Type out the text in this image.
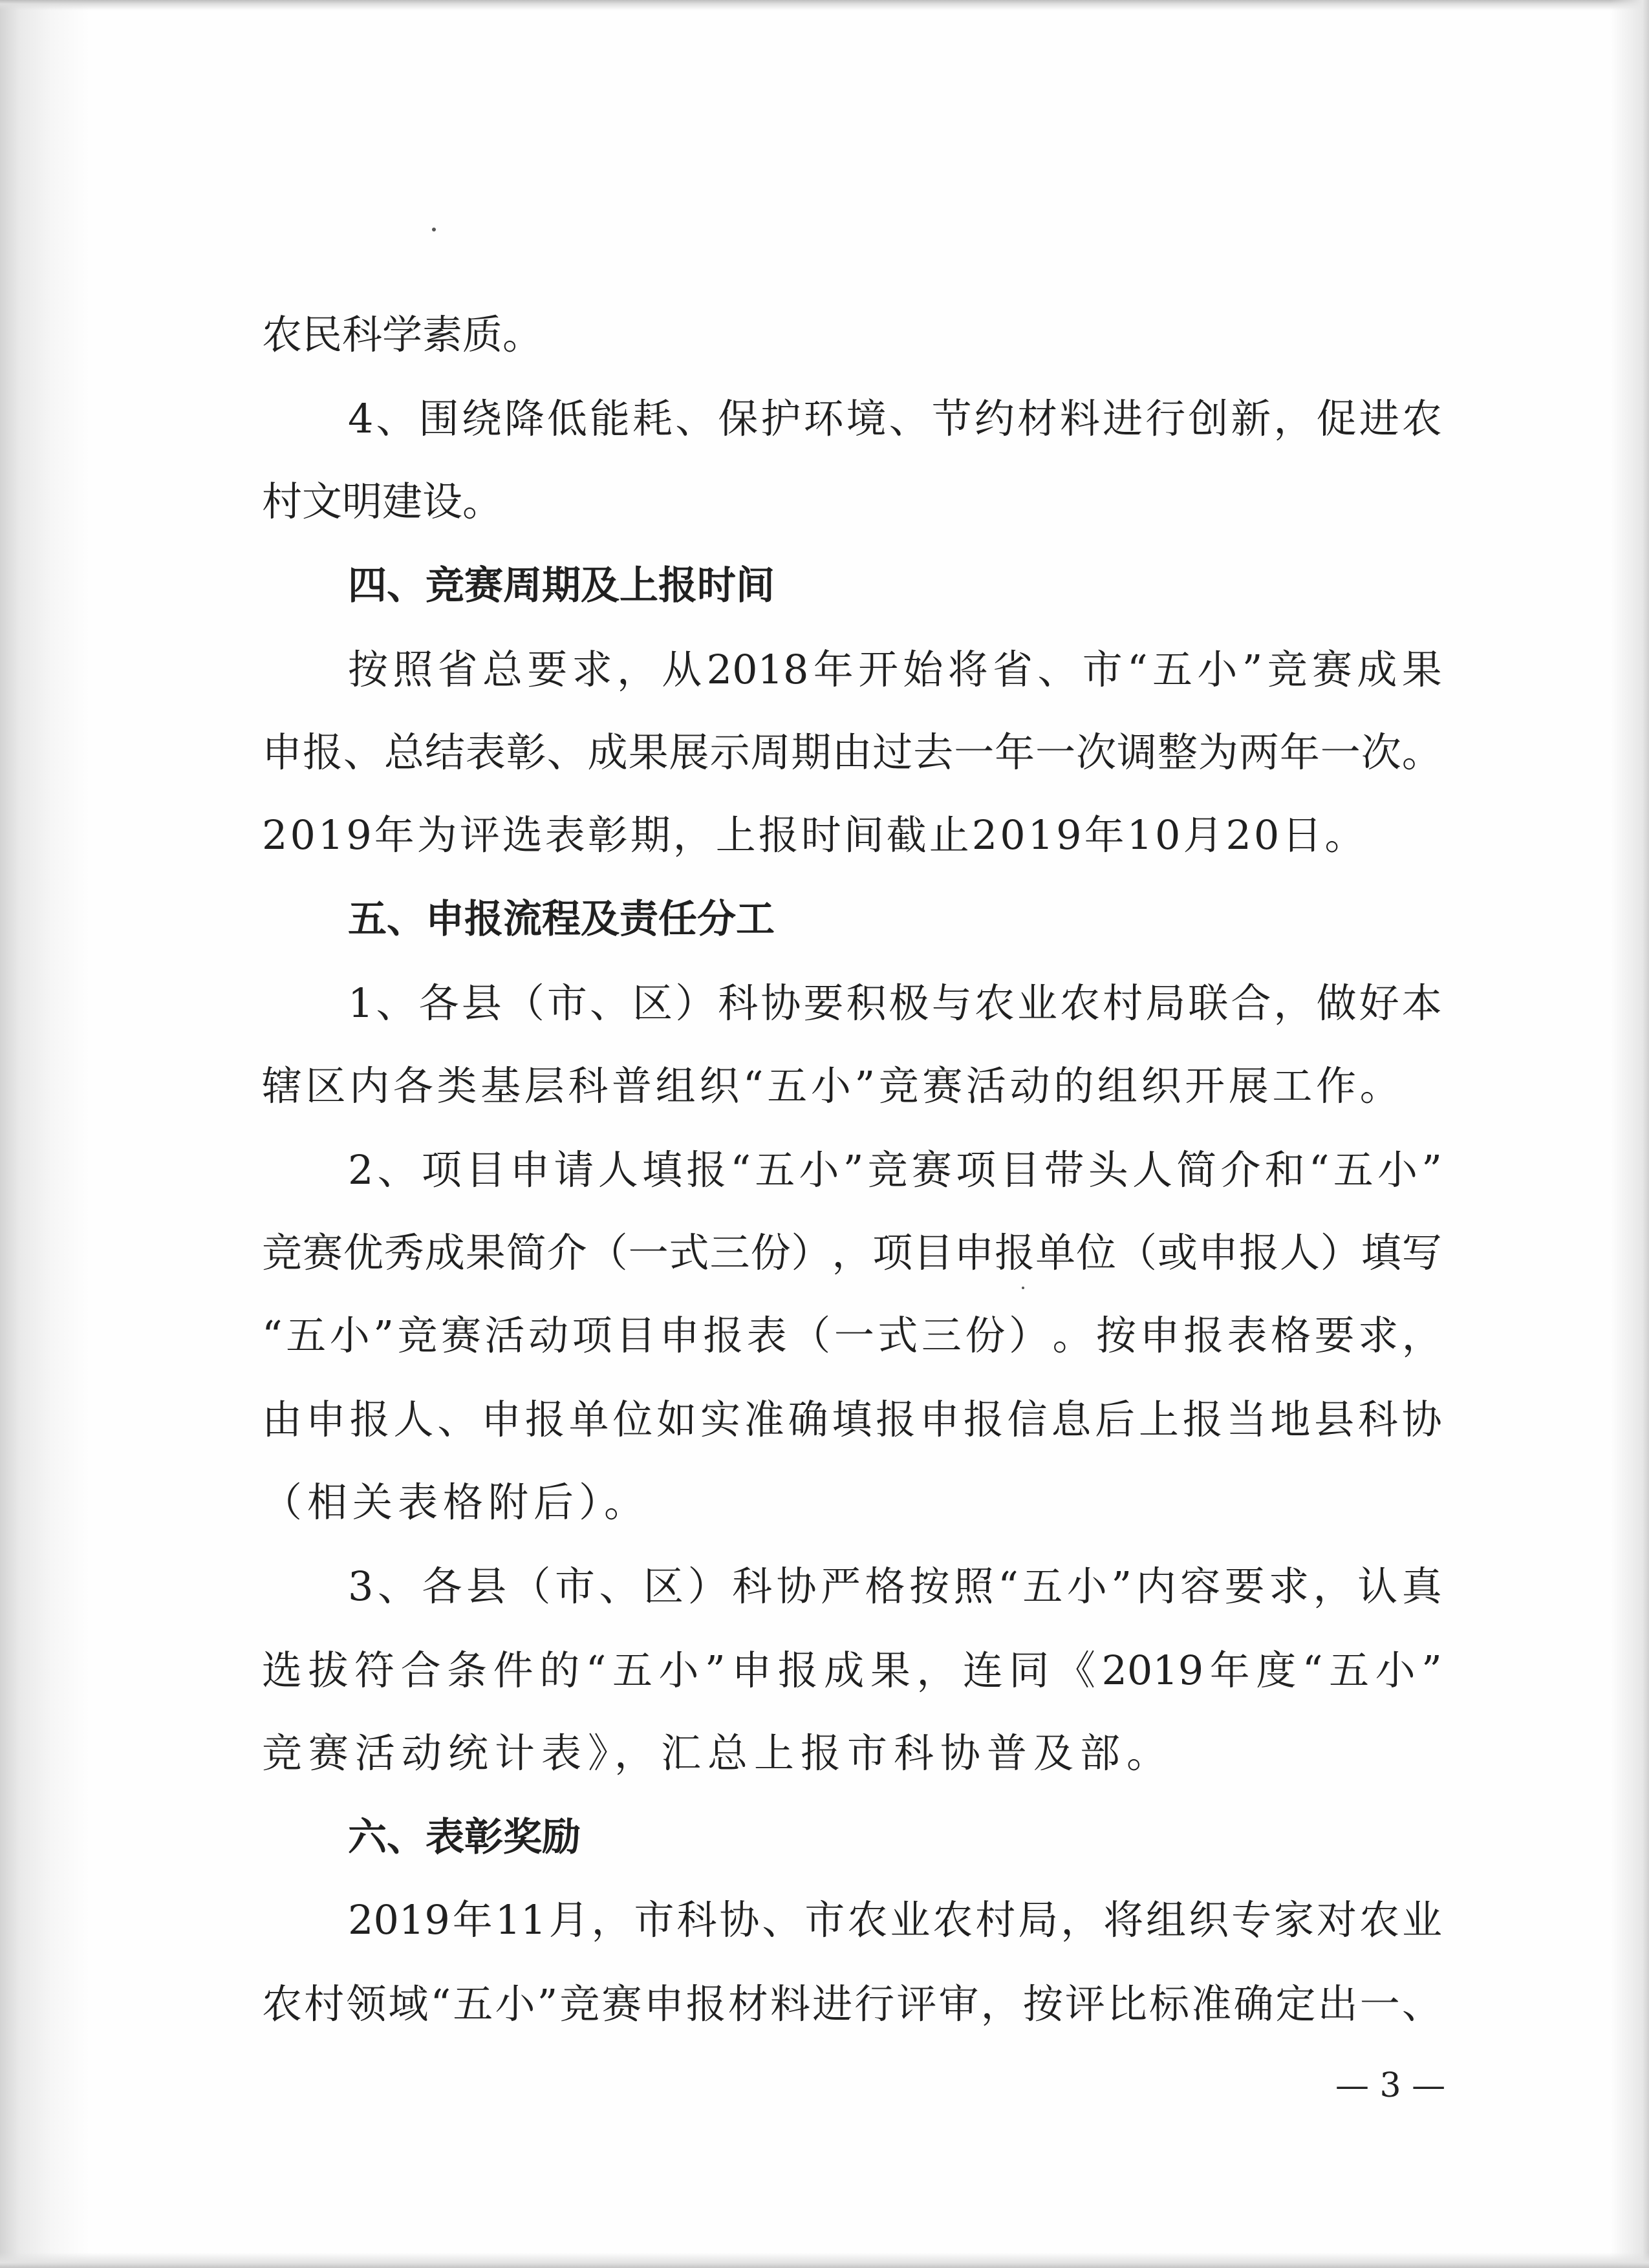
农民科学素质。
4 、 围 绕 降 低 能 耗 、 保 护 环 境 、 节 约 材 料 进 行 创 新 ， 促 进 农
村文明建设。
四、竞赛周期及上报时间
按 照 省 总 要 求 ， 从 2018 年 开 始 将 省 、 市 “ 五 小 ” 竞 赛 成 果
申 报 、 总 结 表 彰 、 成 果 展 示 周 期 由 过 去 一 年 一 次 调 整 为 两 年 一 次 。
2019年为评选表彰期，上报时间截止2019年10月20日。
五、申报流程及责任分工
1 、 各 县 （ 市 、 区 ） 科 协 要 积 极 与 农 业 农 村 局 联 合 ， 做 好 本
辖 区 内 各 类 基 层 科 普 组 织 “ 五 小 ” 竞 赛 活 动 的 组 织 开 展 工 作 。
2 、 项 目 申 请 人 填 报 “ 五 小 ” 竞 赛 项 目 带 头 人 简 介 和 “ 五 小 ”
竞 赛 优 秀 成 果 简 介 （ 一 式 三 份 ） ， 项 目 申 报 单 位 （ 或 申 报 人 ） 填 写
“ 五 小 ” 竞 赛 活 动 项 目 申 报 表 （ 一 式 三 份 ） 。 按 申 报 表 格 要 求 ，
由 申 报 人 、 申 报 单 位 如 实 准 确 填 报 申 报 信 息 后 上 报 当 地 县 科 协
（相关表格附后）。
3 、 各 县 （ 市 、 区 ） 科 协 严 格 按 照 “ 五 小 ” 内 容 要 求 ， 认 真
选 拔 符 合 条 件 的 “ 五 小 ” 申 报 成 果 ， 连 同 《 2019 年 度 “ 五 小 ”
竞赛活动统计表》，汇总上报市科协普及部。
六、表彰奖励
2019 年 11 月 ， 市 科 协 、 市 农 业 农 村 局 ， 将 组 织 专 家 对 农 业
农 村 领 域 “ 五 小 ” 竞 赛 申 报 材 料 进 行 评 审 ， 按 评 比 标 准 确 定 出 一 、
— 3 —
